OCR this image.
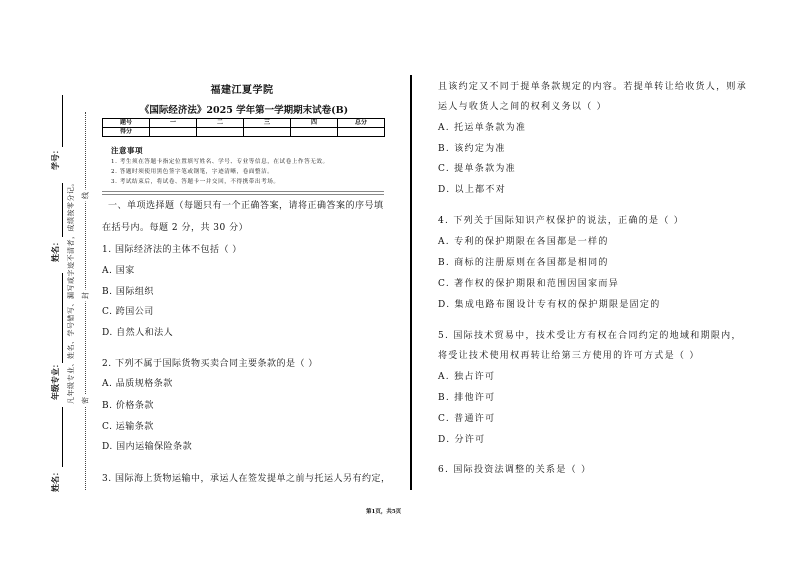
学号：
姓名：
年级专业：
姓名：
凡年级专业、姓名、学号错写、漏写或字迹不清者，成绩按零分记。 线
封
密
福建江夏学院
《国际经济法》2025 学年第一学期期末试卷(B)
题号	一	二	三	四	总分
得分					
注意事项
1. 考生须在答题卡指定位置填写姓名、学号、专业等信息，在试卷上作答无效。
2. 答题时须使用黑色签字笔或钢笔，字迹清晰，卷面整洁。
3. 考试结束后，将试卷、答题卡一并交回，不得携带出考场。
一、单项选择题（每题只有一个正确答案，请将正确答案的序号填
在括号内。每题 2 分，共 30 分）
1. 国际经济法的主体不包括（ ）
A. 国家
B. 国际组织
C. 跨国公司
D. 自然人和法人
2. 下列不属于国际货物买卖合同主要条款的是（ ）
A. 品质规格条款
B. 价格条款
C. 运输条款
D. 国内运输保险条款
3. 国际海上货物运输中，承运人在签发提单之前与托运人另有约定，
且该约定又不同于提单条款规定的内容。若提单转让给收货人，则承
运人与收货人之间的权利义务以（ ）
A. 托运单条款为准
B. 该约定为准
C. 提单条款为准
D. 以上都不对
4. 下列关于国际知识产权保护的说法，正确的是（ ）
A. 专利的保护期限在各国都是一样的
B. 商标的注册原则在各国都是相同的
C. 著作权的保护期限和范围因国家而异
D. 集成电路布图设计专有权的保护期限是固定的
5. 国际技术贸易中，技术受让方有权在合同约定的地域和期限内，
将受让技术使用权再转让给第三方使用的许可方式是（ ）
A. 独占许可
B. 排他许可
C. 普通许可
D. 分许可
6. 国际投资法调整的关系是（ ）
第1页，共5页
